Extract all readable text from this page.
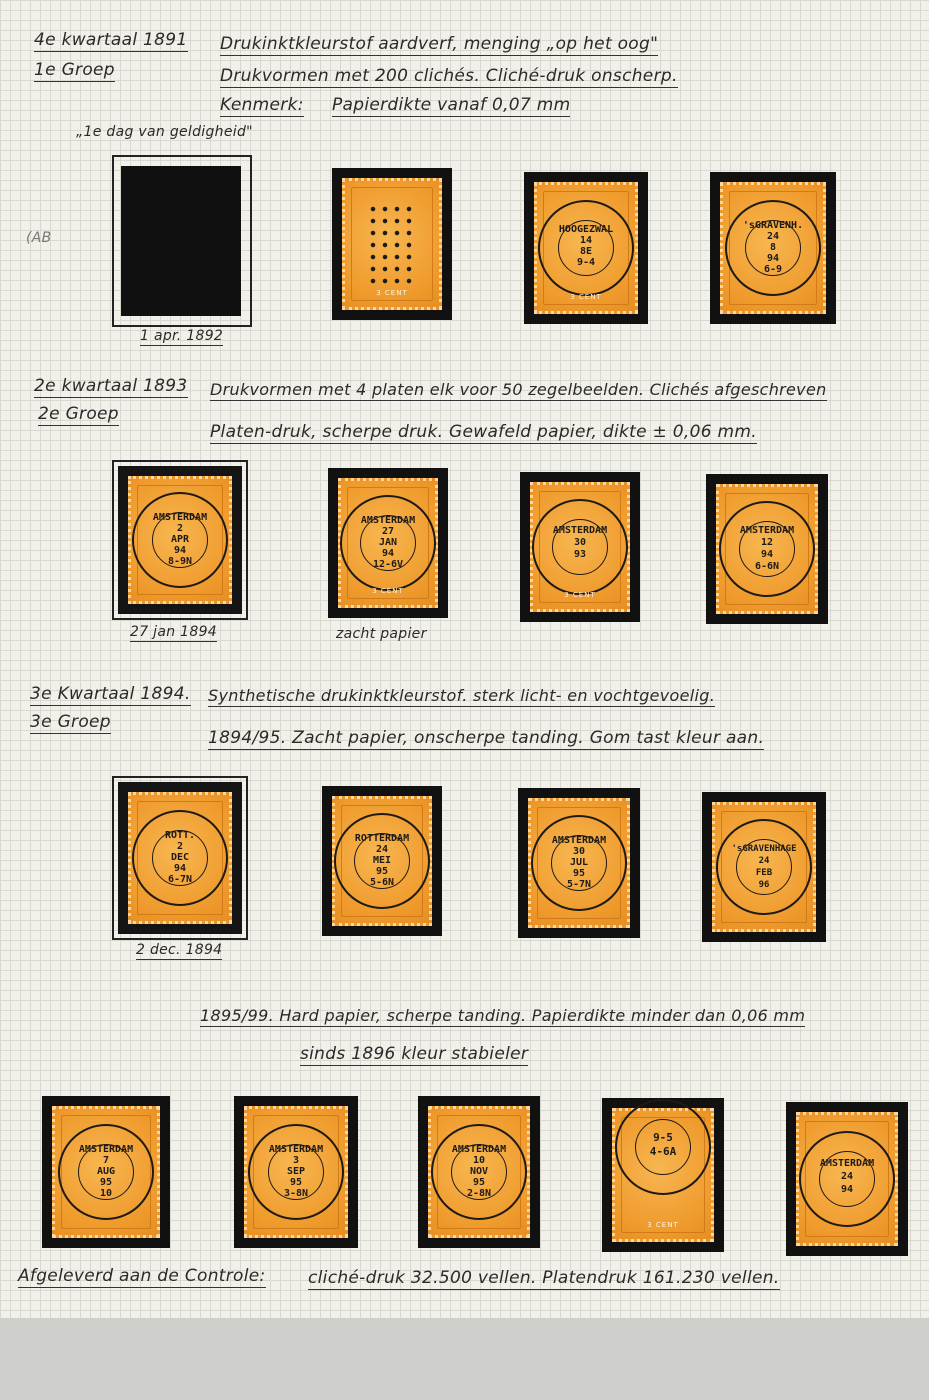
4e kwartaal 1891
1e Groep
Drukinktkleurstof aardverf, menging „op het oog"
Drukvormen met 200 clichés. Cliché-druk onscherp.
Kenmerk: Papierdikte vanaf 0,07 mm
„1e dag van geldigheid"
(AB
1 apr. 1892
3 CENT
HOOGEZWAL
14
8E
9-4
3 CENT
'sGRAVENH.
24
8
94
6-9
2e kwartaal 1893
2e Groep
Drukvormen met 4 platen elk voor 50 zegelbeelden. Clichés afgeschreven
Platen-druk, scherpe druk. Gewafeld papier, dikte ± 0,06 mm.
AMSTERDAM
2
APR
94
8-9N
27 jan 1894
AMSTERDAM
27
JAN
94
12-6V
3 CENT
zacht papier
AMSTERDAM
30
93
3 CENT
AMSTERDAM
12
94
6-6N
3e Kwartaal 1894.
3e Groep
Synthetische drukinktkleurstof. sterk licht- en vochtgevoelig.
1894/95. Zacht papier, onscherpe tanding. Gom tast kleur aan.
ROTT.
2
DEC
94
6-7N
2 dec. 1894
ROTTERDAM
24
MEI
95
5-6N
AMSTERDAM
30
JUL
95
5-7N
'sGRAVENHAGE
24
FEB
96
1895/99. Hard papier, scherpe tanding. Papierdikte minder dan 0,06 mm
sinds 1896 kleur stabieler
AMSTERDAM
7
AUG
95
10
AMSTERDAM
3
SEP
95
3-8N
AMSTERDAM
10
NOV
95
2-8N
9-5
4-6A
3 CENT
AMSTERDAM
24
94
Afgeleverd aan de Controle: cliché-druk 32.500 vellen. Platendruk 161.230 vellen.
